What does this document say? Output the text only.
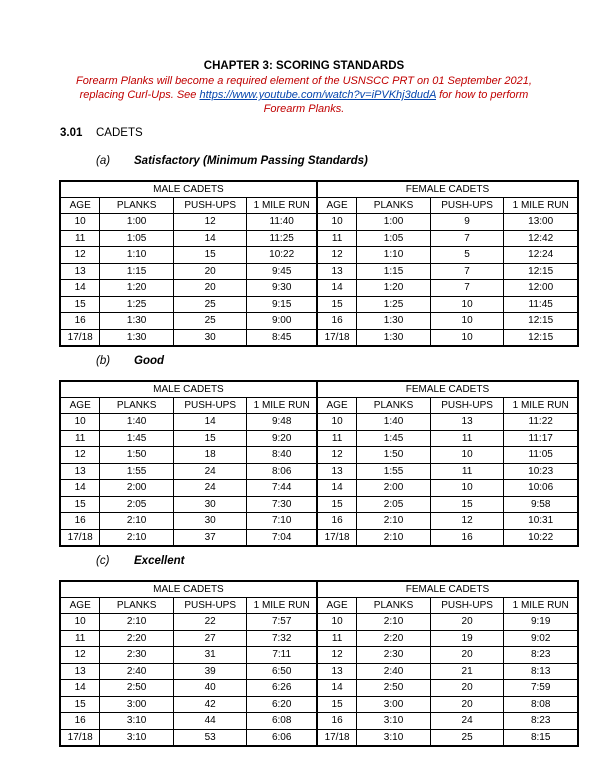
CHAPTER 3: SCORING STANDARDS
Forearm Planks will become a required element of the USNSCC PRT on 01 September 2021,
replacing Curl-Ups. See https://www.youtube.com/watch?v=iPVKhj3dudA for how to perform
Forearm Planks.
3.01 CADETS
(a) Satisfactory (Minimum Passing Standards)
MALE CADETS				FEMALE CADETS			
AGE	PLANKS	PUSH-UPS	1 MILE RUN	AGE	PLANKS	PUSH-UPS	1 MILE RUN
10	1:00	12	11:40	10	1:00	9	13:00
11	1:05	14	11:25	11	1:05	7	12:42
12	1:10	15	10:22	12	1:10	5	12:24
13	1:15	20	9:45	13	1:15	7	12:15
14	1:20	20	9:30	14	1:20	7	12:00
15	1:25	25	9:15	15	1:25	10	11:45
16	1:30	25	9:00	16	1:30	10	12:15
17/18	1:30	30	8:45	17/18	1:30	10	12:15
(b) Good
MALE CADETS				FEMALE CADETS			
AGE	PLANKS	PUSH-UPS	1 MILE RUN	AGE	PLANKS	PUSH-UPS	1 MILE RUN
10	1:40	14	9:48	10	1:40	13	11:22
11	1:45	15	9:20	11	1:45	11	11:17
12	1:50	18	8:40	12	1:50	10	11:05
13	1:55	24	8:06	13	1:55	11	10:23
14	2:00	24	7:44	14	2:00	10	10:06
15	2:05	30	7:30	15	2:05	15	9:58
16	2:10	30	7:10	16	2:10	12	10:31
17/18	2:10	37	7:04	17/18	2:10	16	10:22
(c) Excellent
MALE CADETS				FEMALE CADETS			
AGE	PLANKS	PUSH-UPS	1 MILE RUN	AGE	PLANKS	PUSH-UPS	1 MILE RUN
10	2:10	22	7:57	10	2:10	20	9:19
11	2:20	27	7:32	11	2:20	19	9:02
12	2:30	31	7:11	12	2:30	20	8:23
13	2:40	39	6:50	13	2:40	21	8:13
14	2:50	40	6:26	14	2:50	20	7:59
15	3:00	42	6:20	15	3:00	20	8:08
16	3:10	44	6:08	16	3:10	24	8:23
17/18	3:10	53	6:06	17/18	3:10	25	8:15
